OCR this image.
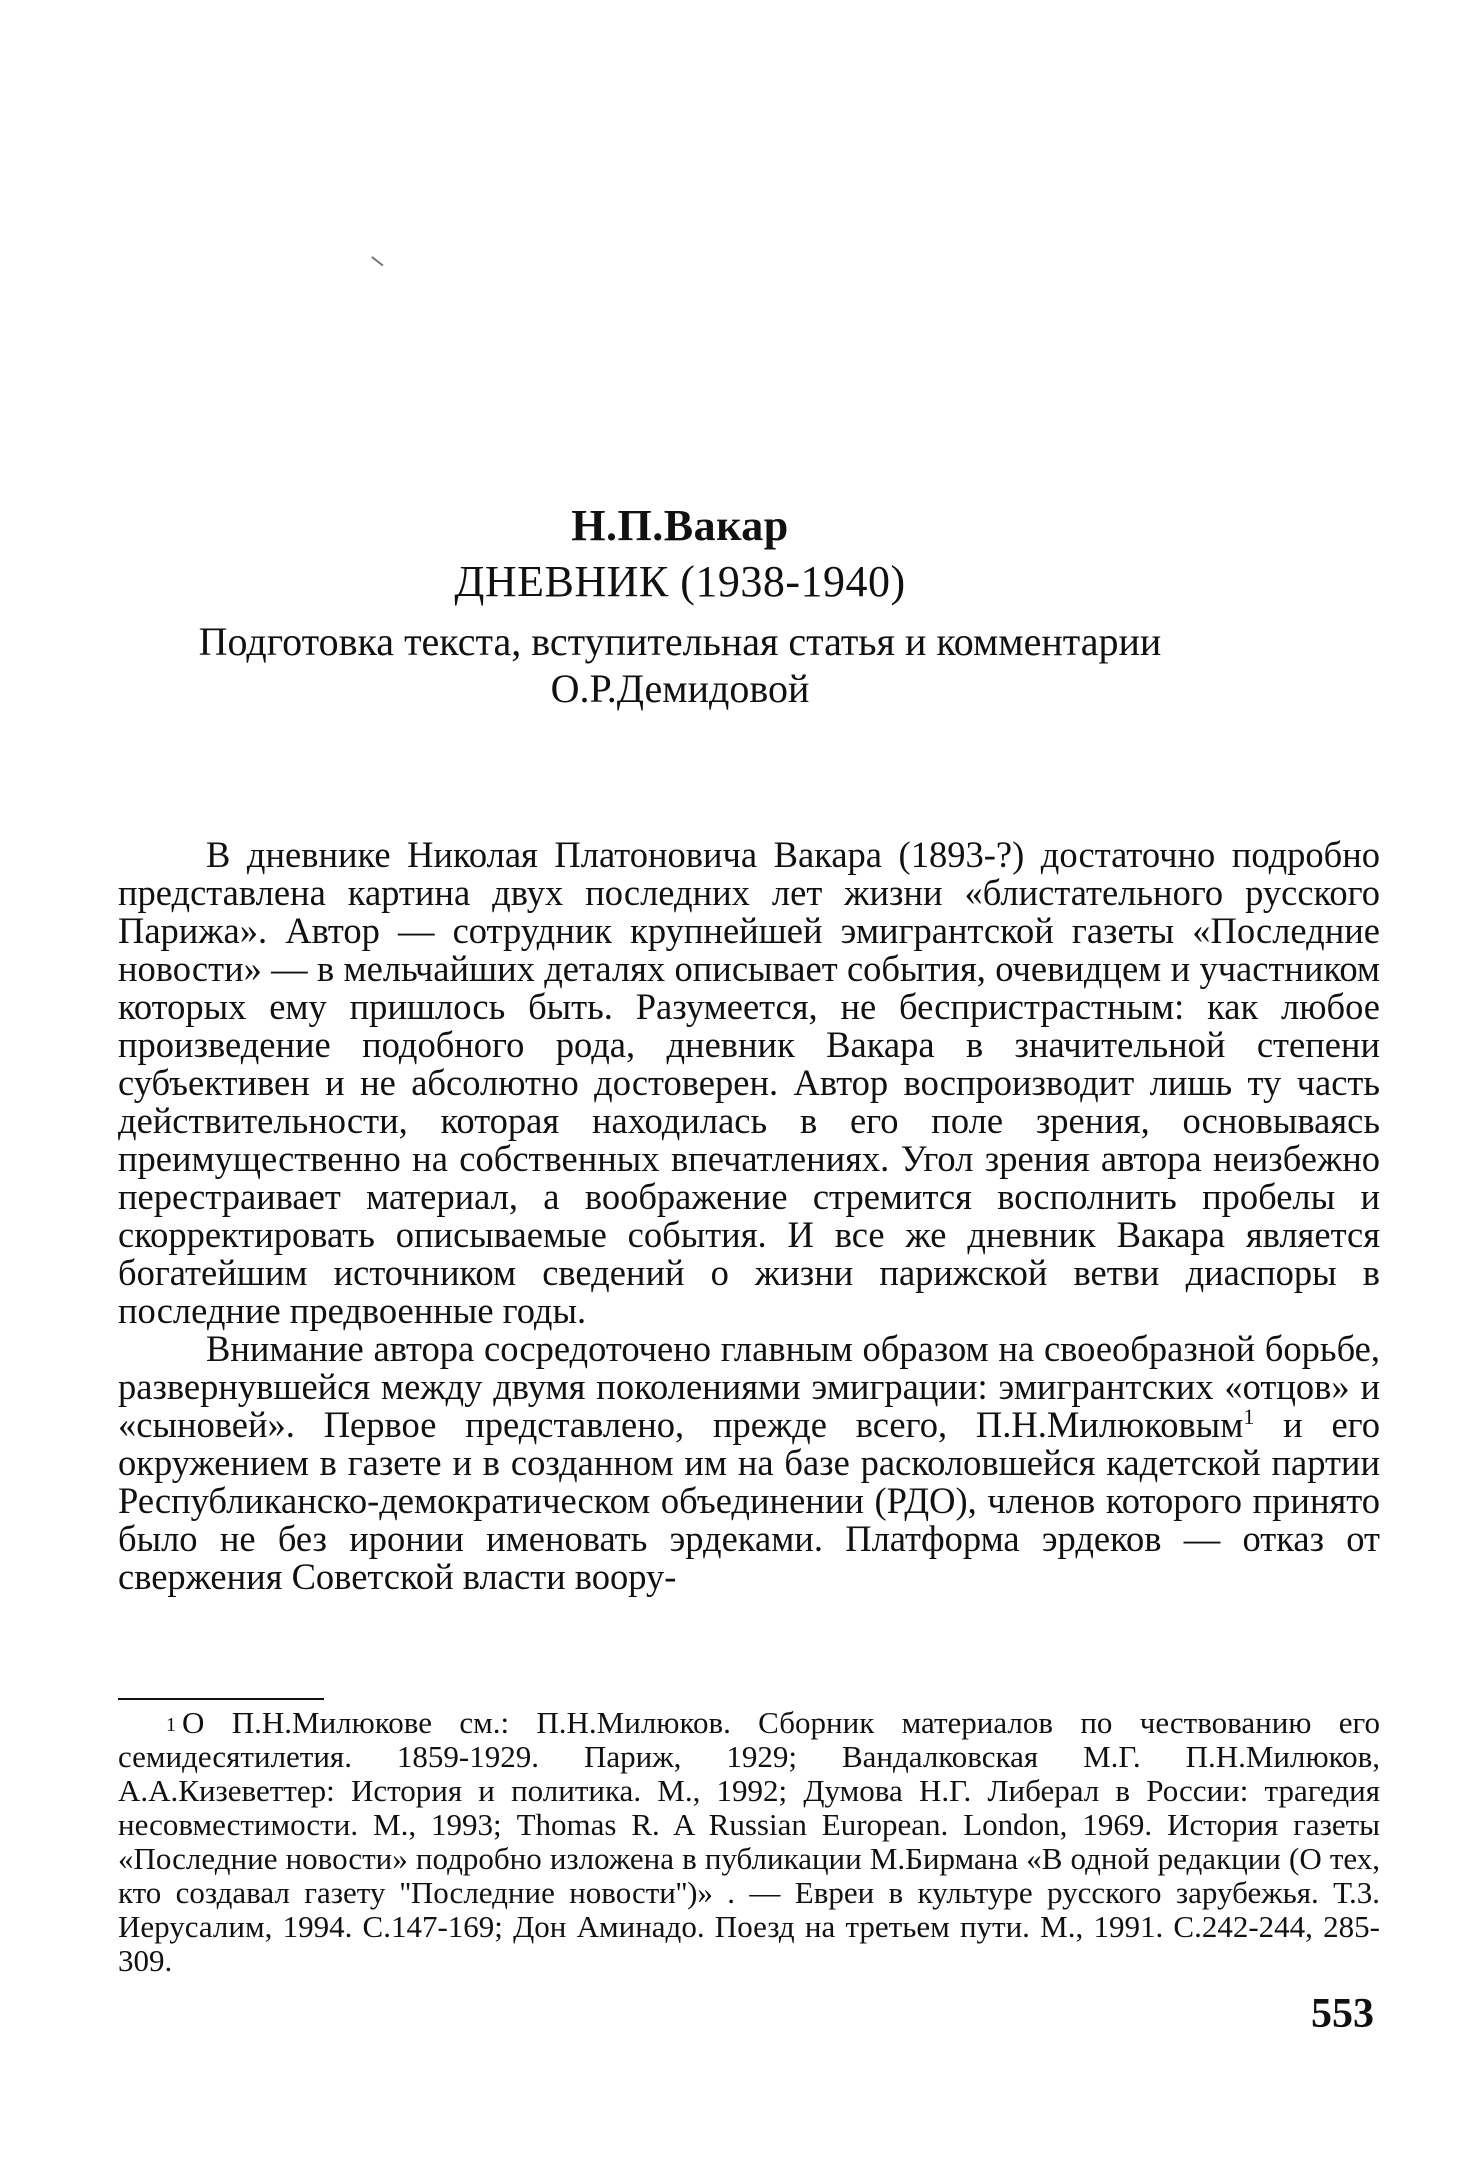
Н.П.Вакар
ДНЕВНИК (1938-1940)
Подготовка текста, вступительная статья и комментарии
О.Р.Демидовой

В дневнике Николая Платоновича Вакара (1893-?) достаточно подробно представлена картина двух последних лет жизни «блистательного русского Парижа». Автор — сотрудник крупнейшей эмигрантской газеты «Последние новости» — в мельчайших деталях описывает события, очевидцем и участником которых ему пришлось быть. Разумеется, не беспристрастным: как любое произведение подобного рода, дневник Вакара в значительной степени субъективен и не абсолютно достоверен. Автор воспроизводит лишь ту часть действительности, которая находилась в его поле зрения, основываясь преимущественно на собственных впечатлениях. Угол зрения автора неизбежно перестраивает материал, а воображение стремится восполнить пробелы и скорректировать описываемые события. И все же дневник Вакара является богатейшим источником сведений о жизни парижской ветви диаспоры в последние предвоенные годы.

Внимание автора сосредоточено главным образом на своеобразной борьбе, развернувшейся между двумя поколениями эмиграции: эмигрантских «отцов» и «сыновей». Первое представлено, прежде всего, П.Н.Милюковым$^1$ и его окружением в газете и в созданном им на базе расколовшейся кадетской партии Республиканско-демократическом объединении (РДО), членов которого принято было не без иронии именовать эрдеками. Платформа эрдеков — отказ от свержения Советской власти воору-

$^1$ О П.Н.Милюкове см.: П.Н.Милюков. Сборник материалов по чествованию его семидесятилетия. 1859-1929. Париж, 1929; Вандалковская М.Г. П.Н.Милюков, А.А.Кизеветтер: История и политика. М., 1992; Думова Н.Г. Либерал в России: трагедия несовместимости. М., 1993; Thomas R. A Russian European. London, 1969. История газеты «Последние новости» подробно изложена в публикации М.Бирмана «В одной редакции (О тех, кто создавал газету ''Последние новости'')» . — Евреи в культуре русского зарубежья. Т.3. Иерусалим, 1994. С.147-169; Дон Аминадо. Поезд на третьем пути. М., 1991. С.242-244, 285-309.
553
